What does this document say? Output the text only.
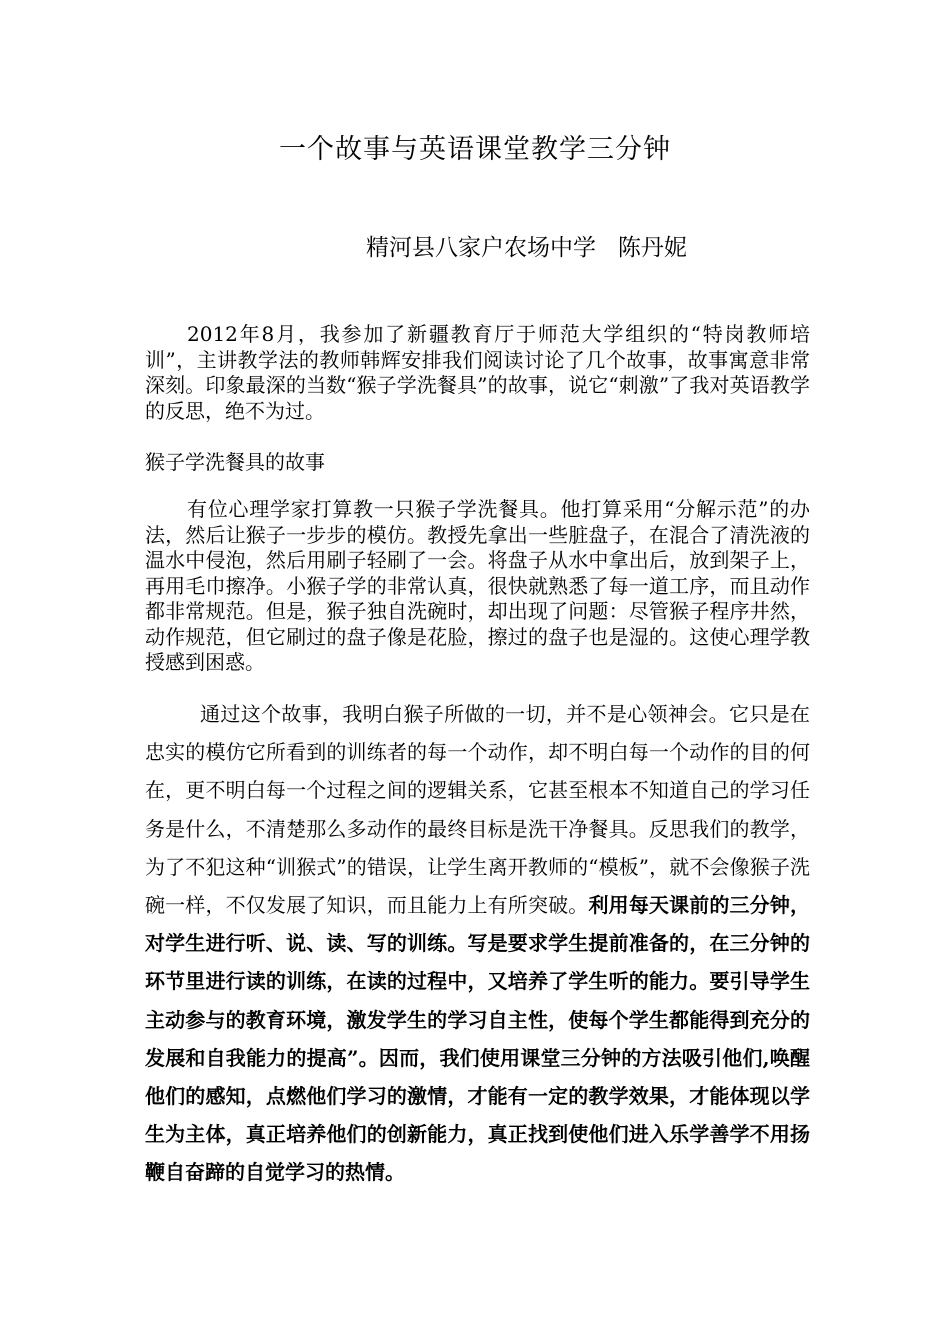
一个故事与英语课堂教学三分钟
精河县八家户农场中学   陈丹妮

2012年8月，我参加了新疆教育厅于师范大学组织的“特岗教师培训”，主讲教学法的教师韩辉安排我们阅读讨论了几个故事，故事寓意非常深刻。印象最深的当数“猴子学洗餐具”的故事，说它“刺激”了我对英语教学的反思，绝不为过。

猴子学洗餐具的故事

有位心理学家打算教一只猴子学洗餐具。他打算采用“分解示范”的办法，然后让猴子一步步的模仿。教授先拿出一些脏盘子，在混合了清洗液的温水中侵泡，然后用刷子轻刷了一会。将盘子从水中拿出后，放到架子上，再用毛巾擦净。小猴子学的非常认真，很快就熟悉了每一道工序，而且动作都非常规范。但是，猴子独自洗碗时，却出现了问题：尽管猴子程序井然，动作规范，但它刷过的盘子像是花脸，擦过的盘子也是湿的。这使心理学教授感到困惑。

通过这个故事，我明白猴子所做的一切，并不是心领神会。它只是在忠实的模仿它所看到的训练者的每一个动作，却不明白每一个动作的目的何在，更不明白每一个过程之间的逻辑关系，它甚至根本不知道自己的学习任务是什么，不清楚那么多动作的最终目标是洗干净餐具。反思我们的教学，为了不犯这种“训猴式”的错误，让学生离开教师的“模板”，就不会像猴子洗碗一样，不仅发展了知识，而且能力上有所突破。利用每天课前的三分钟，对学生进行听、说、读、写的训练。写是要求学生提前准备的，在三分钟的环节里进行读的训练，在读的过程中，又培养了学生听的能力。要引导学生主动参与的教育环境，激发学生的学习自主性，使每个学生都能得到充分的发展和自我能力的提高”。因而，我们使用课堂三分钟的方法吸引他们,唤醒他们的感知，点燃他们学习的激情，才能有一定的教学效果，才能体现以学生为主体，真正培养他们的创新能力，真正找到使他们进入乐学善学不用扬鞭自奋蹄的自觉学习的热情。
